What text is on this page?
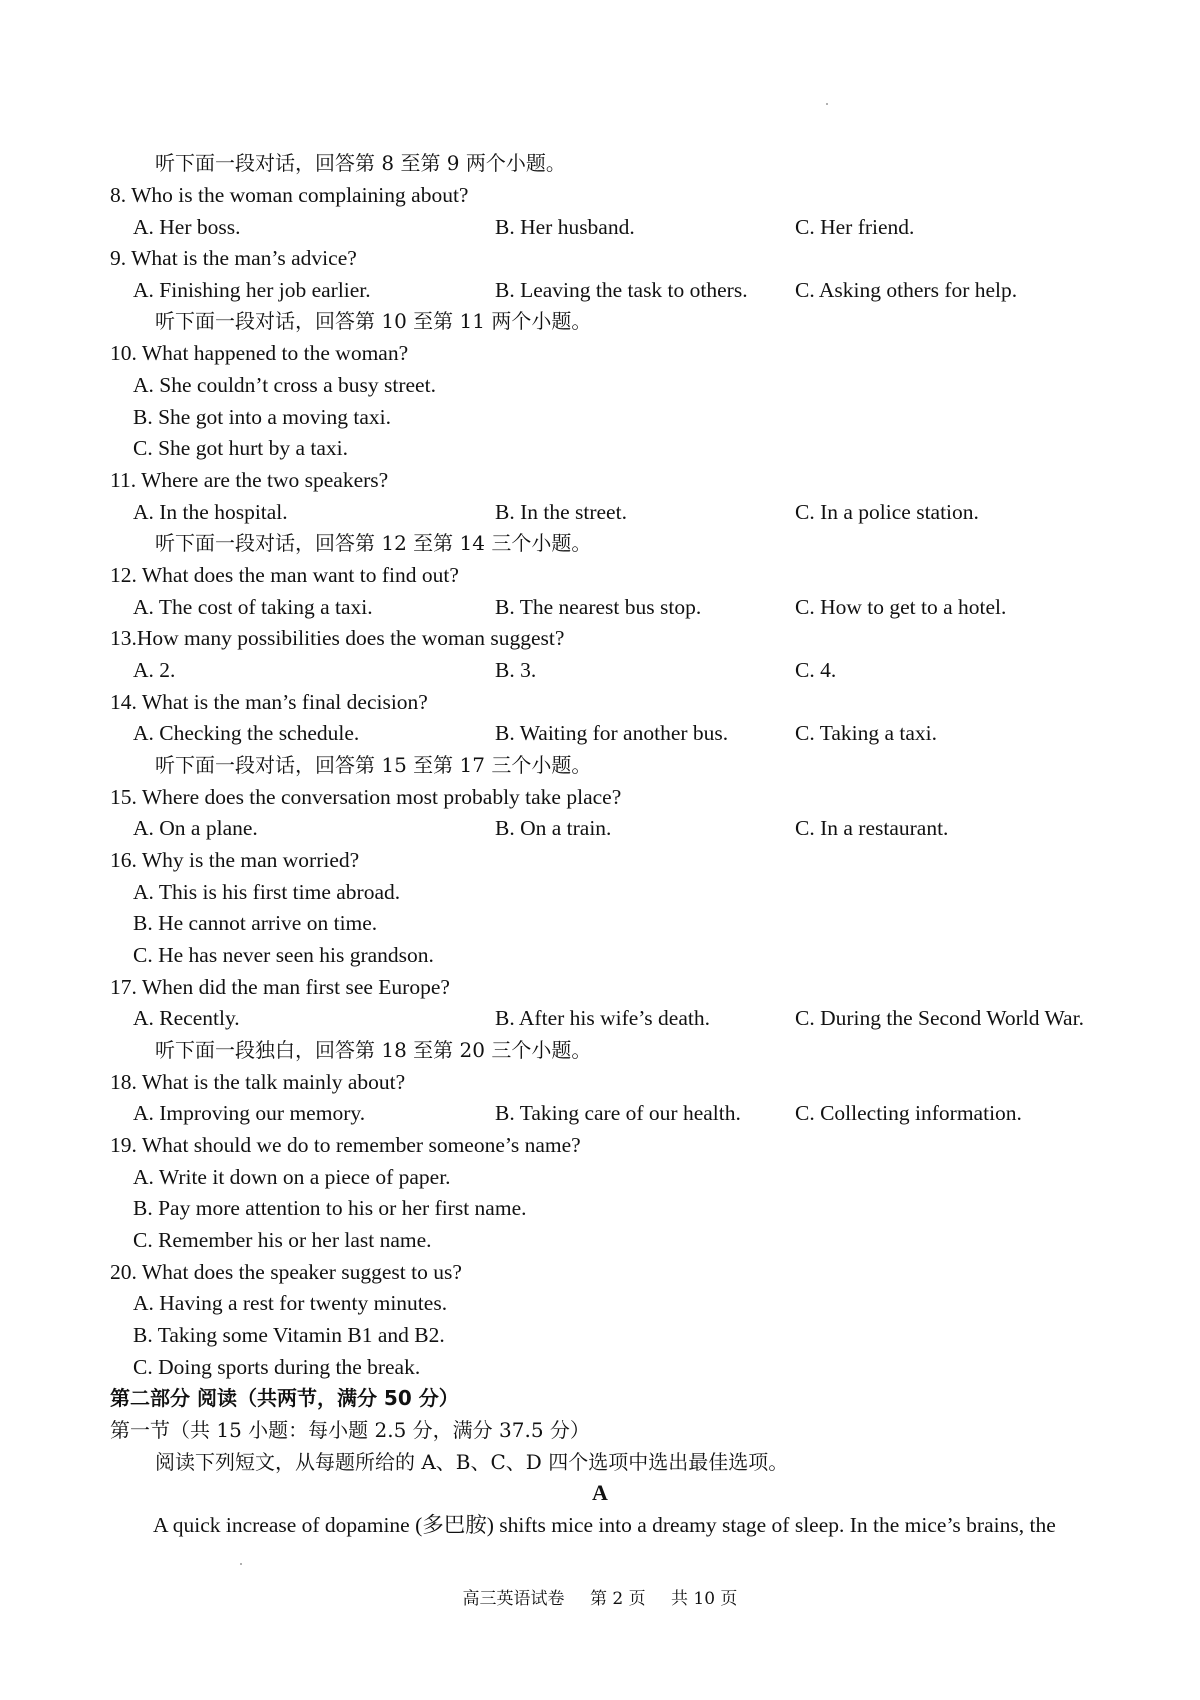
听下面一段对话，回答第 8 至第 9 两个小题。
8. Who is the woman complaining about?
A. Her boss.	B. Her husband.	C. Her friend.
9. What is the man’s advice?
A. Finishing her job earlier.	B. Leaving the task to others. C. Asking others for help.
听下面一段对话，回答第 10 至第 11 两个小题。
10. What happened to the woman?
A. She couldn’t cross a busy street.
B. She got into a moving taxi.
C. She got hurt by a taxi.
11. Where are the two speakers?
A. In the hospital.	B. In the street.	C. In a police station.
听下面一段对话，回答第 12 至第 14 三个小题。
12. What does the man want to find out?
A. The cost of taking a taxi.	B. The nearest bus stop.	C. How to get to a hotel.
13.How many possibilities does the woman suggest?
A. 2.	B. 3.	C. 4.
14. What is the man’s final decision?
A. Checking the schedule.	B. Waiting for another bus.	C. Taking a taxi.
听下面一段对话，回答第 15 至第 17 三个小题。
15. Where does the conversation most probably take place?
A. On a plane.	B. On a train.	C. In a restaurant.
16. Why is the man worried?
A. This is his first time abroad.
B. He cannot arrive on time.
C. He has never seen his grandson.
17. When did the man first see Europe?
A. Recently.	B. After his wife’s death.	C. During the Second World War.
听下面一段独白，回答第 18 至第 20 三个小题。
18. What is the talk mainly about?
A. Improving our memory.	B. Taking care of our health.	C. Collecting information.
19. What should we do to remember someone’s name?
A. Write it down on a piece of paper.
B. Pay more attention to his or her first name.
C. Remember his or her last name.
20. What does the speaker suggest to us?
A. Having a rest for twenty minutes.
B. Taking some Vitamin B1 and B2.
C. Doing sports during the break.
第二部分 阅读（共两节，满分 50 分）
第一节（共 15 小题：每小题 2.5 分，满分 37.5 分）
阅读下列短文，从每题所给的 A、B、C、D 四个选项中选出最佳选项。
A
A quick increase of dopamine (多巴胺) shifts mice into a dreamy stage of sleep. In the mice’s brains, the
高三英语试卷 第 2 页 共 10 页
